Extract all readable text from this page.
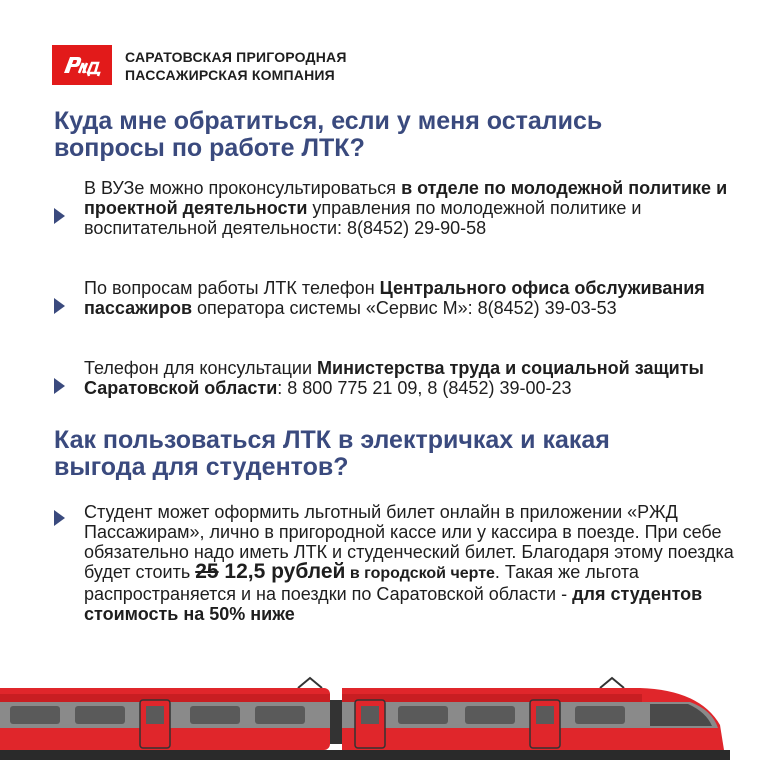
САРАТОВСКАЯ ПРИГОРОДНАЯ
ПАССАЖИРСКАЯ КОМПАНИЯ
Куда мне обратиться, если у меня остались
вопросы по работе ЛТК?

В ВУЗе можно проконсультироваться в отделе по молодежной политике и проектной деятельности управления по молодежной политике и воспитательной деятельности: 8(8452) 29-90-58

По вопросам работы ЛТК телефон Центрального офиса обслуживания пассажиров оператора системы «Сервис М»: 8(8452) 39-03-53

Телефон для консультации Министерства труда и социальной защиты Саратовской области: 8 800 775 21 09, 8 (8452) 39-00-23

Как пользоваться ЛТК в электричках и какая
выгода для студентов?

Студент может оформить льготный билет онлайн в приложении «РЖД Пассажирам», лично в пригородной кассе или у кассира в поезде. При себе обязательно надо иметь ЛТК и студенческий билет. Благодаря этому поездка будет стоить 25 12,5 рублей в городской черте. Такая же льгота распространяется и на поездки по Саратовской области - для студентов стоимость на 50% ниже
